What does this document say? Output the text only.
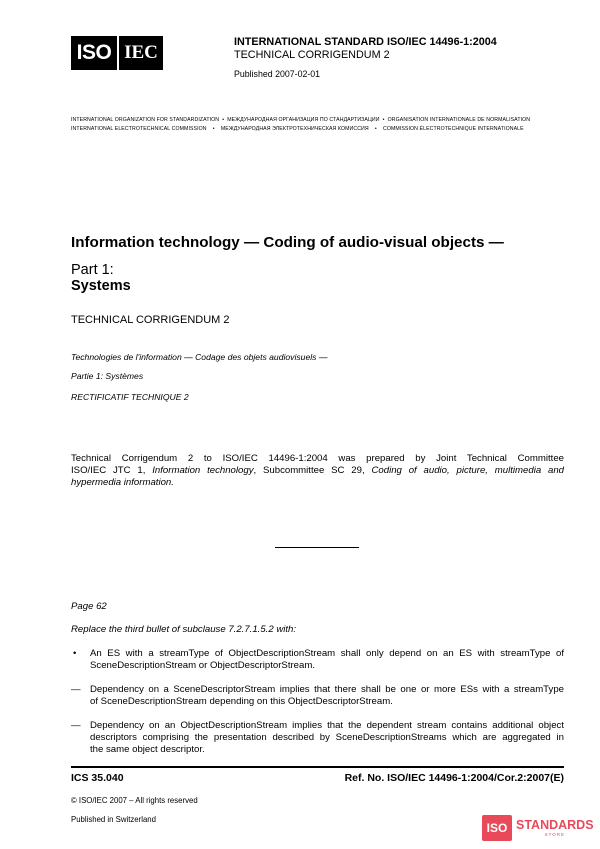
ISO IEC	INTERNATIONAL STANDARD ISO/IEC 14496-1:2004
TECHNICAL CORRIGENDUM 2
Published 2007-02-01
INTERNATIONAL ORGANIZATION FOR STANDARDIZATION • МЕЖДУНАРОДНАЯ ОРГАНИЗАЦИЯ ПО СТАНДАРТИЗАЦИИ • ORGANISATION INTERNATIONALE DE NORMALISATION
INTERNATIONAL ELECTROTECHNICAL COMMISSION • МЕЖДУНАРОДНАЯ ЭЛЕКТРОТЕХНИЧЕСКАЯ КОМИССИЯ • COMMISSION ÉLECTROTECHNIQUE INTERNATIONALE
Information technology — Coding of audio-visual objects —
Part 1:
Systems
TECHNICAL CORRIGENDUM 2
Technologies de l'information — Codage des objets audiovisuels —
Partie 1: Systèmes
RECTIFICATIF TECHNIQUE 2
Technical Corrigendum 2 to ISO/IEC 14496-1:2004 was prepared by Joint Technical Committee
ISO/IEC JTC 1, Information technology, Subcommittee SC 29, Coding of audio, picture, multimedia and
hypermedia information.
Page 62
Replace the third bullet of subclause 7.2.7.1.5.2 with:
• An ES with a streamType of ObjectDescriptionStream shall only depend on an ES with streamType of
SceneDescriptionStream or ObjectDescriptorStream.
— Dependency on a SceneDescriptorStream implies that there shall be one or more ESs with a streamType
of SceneDescriptionStream depending on this ObjectDescriptorStream.
— Dependency on an ObjectDescriptionStream implies that the dependent stream contains additional object
descriptors comprising the presentation described by SceneDescriptionStreams which are aggregated in
the same object descriptor.
ICS 35.040	Ref. No. ISO/IEC 14496-1:2004/Cor.2:2007(E)
© ISO/IEC 2007 – All rights reserved
Published in Switzerland
ISO STANDARDS
STORE
